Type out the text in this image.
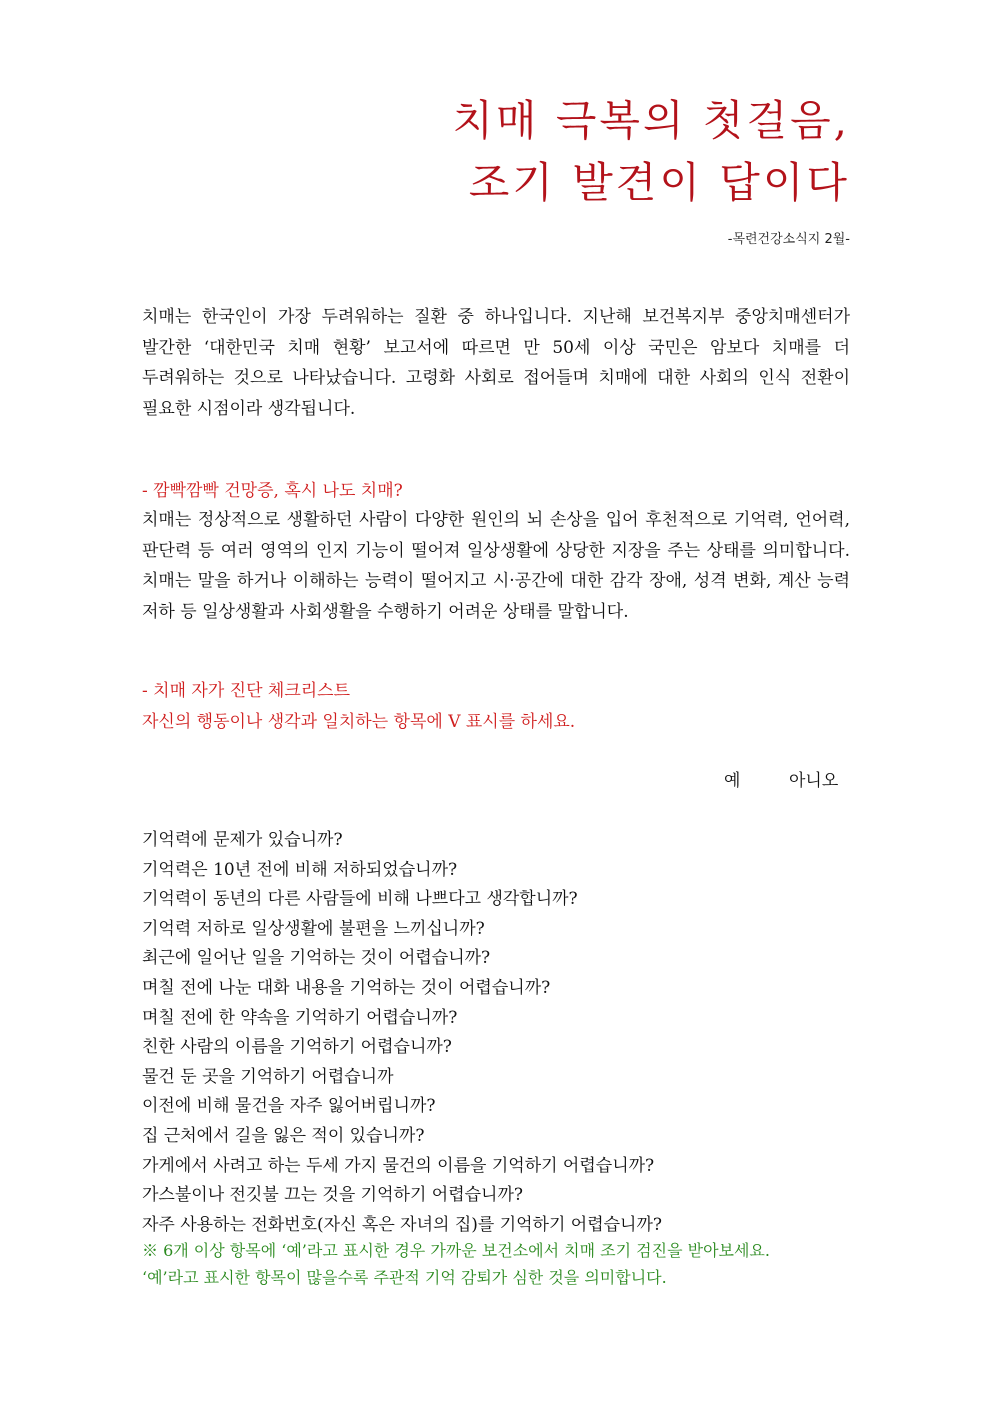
치매 극복의 첫걸음,
조기 발견이 답이다
-목련건강소식지 2월-
치매는 한국인이 가장 두려워하는 질환 중 하나입니다. 지난해 보건복지부 중앙치매센터가 발간한 ‘대한민국 치매 현황’ 보고서에 따르면 만 50세 이상 국민은 암보다 치매를 더 두려워하는 것으로 나타났습니다. 고령화 사회로 접어들며 치매에 대한 사회의 인식 전환이 필요한 시점이라 생각됩니다.
- 깜빡깜빡 건망증, 혹시 나도 치매?
치매는 정상적으로 생활하던 사람이 다양한 원인의 뇌 손상을 입어 후천적으로 기억력, 언어력, 판단력 등 여러 영역의 인지 기능이 떨어져 일상생활에 상당한 지장을 주는 상태를 의미합니다. 치매는 말을 하거나 이해하는 능력이 떨어지고 시·공간에 대한 감각 장애, 성격 변화, 계산 능력 저하 등 일상생활과 사회생활을 수행하기 어려운 상태를 말합니다.
- 치매 자가 진단 체크리스트
자신의 행동이나 생각과 일치하는 항목에 V 표시를 하세요.
예	아니오
기억력에 문제가 있습니까?
기억력은 10년 전에 비해 저하되었습니까?
기억력이 동년의 다른 사람들에 비해 나쁘다고 생각합니까?
기억력 저하로 일상생활에 불편을 느끼십니까?
최근에 일어난 일을 기억하는 것이 어렵습니까?
며칠 전에 나눈 대화 내용을 기억하는 것이 어렵습니까?
며칠 전에 한 약속을 기억하기 어렵습니까?
친한 사람의 이름을 기억하기 어렵습니까?
물건 둔 곳을 기억하기 어렵습니까
이전에 비해 물건을 자주 잃어버립니까?
집 근처에서 길을 잃은 적이 있습니까?
가게에서 사려고 하는 두세 가지 물건의 이름을 기억하기 어렵습니까?
가스불이나 전깃불 끄는 것을 기억하기 어렵습니까?
자주 사용하는 전화번호(자신 혹은 자녀의 집)를 기억하기 어렵습니까?
※ 6개 이상 항목에 ‘예’라고 표시한 경우 가까운 보건소에서 치매 조기 검진을 받아보세요.
‘예’라고 표시한 항목이 많을수록 주관적 기억 감퇴가 심한 것을 의미합니다.
